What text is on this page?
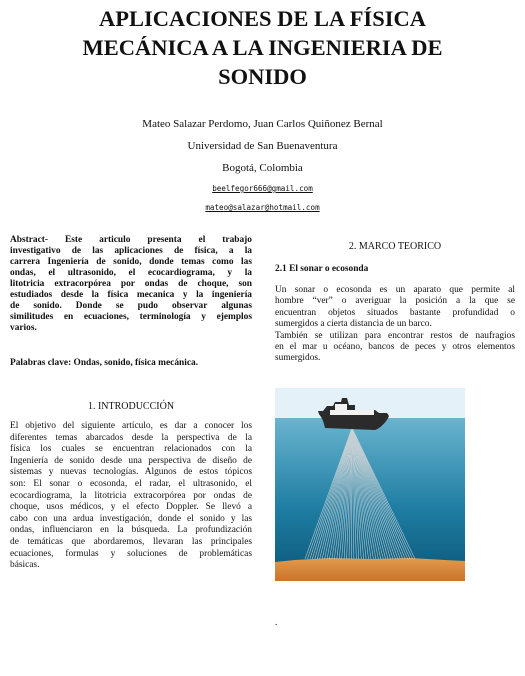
APLICACIONES DE LA FÍSICA
MECÁNICA A LA INGENIERIA DE
SONIDO
Mateo Salazar Perdomo, Juan Carlos Quiñonez Bernal
Universidad de San Buenaventura
Bogotá, Colombia
beelfegor666@gmail.com
mateo@salazar@hotmail.com
Abstract- Este articulo presenta el trabajo
investigativo de las aplicaciones de física, a la
carrera Ingeniería de sonido, donde temas como las
ondas, el ultrasonido, el ecocardiograma, y la
litotricia extracorpórea por ondas de choque, son
estudiados desde la física mecanica y la ingeniería
de sonido. Donde se pudo observar algunas
similitudes en ecuaciones, terminología y ejemplos
varios.
Palabras clave: Ondas, sonido, física mecánica.
1. INTRODUCCIÓN
El objetivo del siguiente artículo, es dar a conocer los
diferentes temas abarcados desde la perspectiva de la
física los cuales se encuentran relacionados con la
Ingeniería de sonido desde una perspectiva de diseño de
sistemas y nuevas tecnologías. Algunos de estos tópicos
son: El sonar o ecosonda, el radar, el ultrasonido, el
ecocardiograma, la litotricia extracorpórea por ondas de
choque, usos médicos, y el efecto Doppler. Se llevó a
cabo con una ardua investigación, donde el sonido y las
ondas, influenciaron en la búsqueda. La profundización
de temáticas que abordaremos, llevaran las principales
ecuaciones, formulas y soluciones de problemáticas
básicas.
2. MARCO TEORICO
2.1 El sonar o ecosonda
Un sonar o ecosonda es un aparato que permite al
hombre “ver” o averiguar la posición a la que se
encuentran objetos situados bastante profundidad o
sumergidos a cierta distancia de un barco.
También se utilizan para encontrar restos de naufragios
en el mar u océano, bancos de peces y otros elementos
sumergidos.
.
